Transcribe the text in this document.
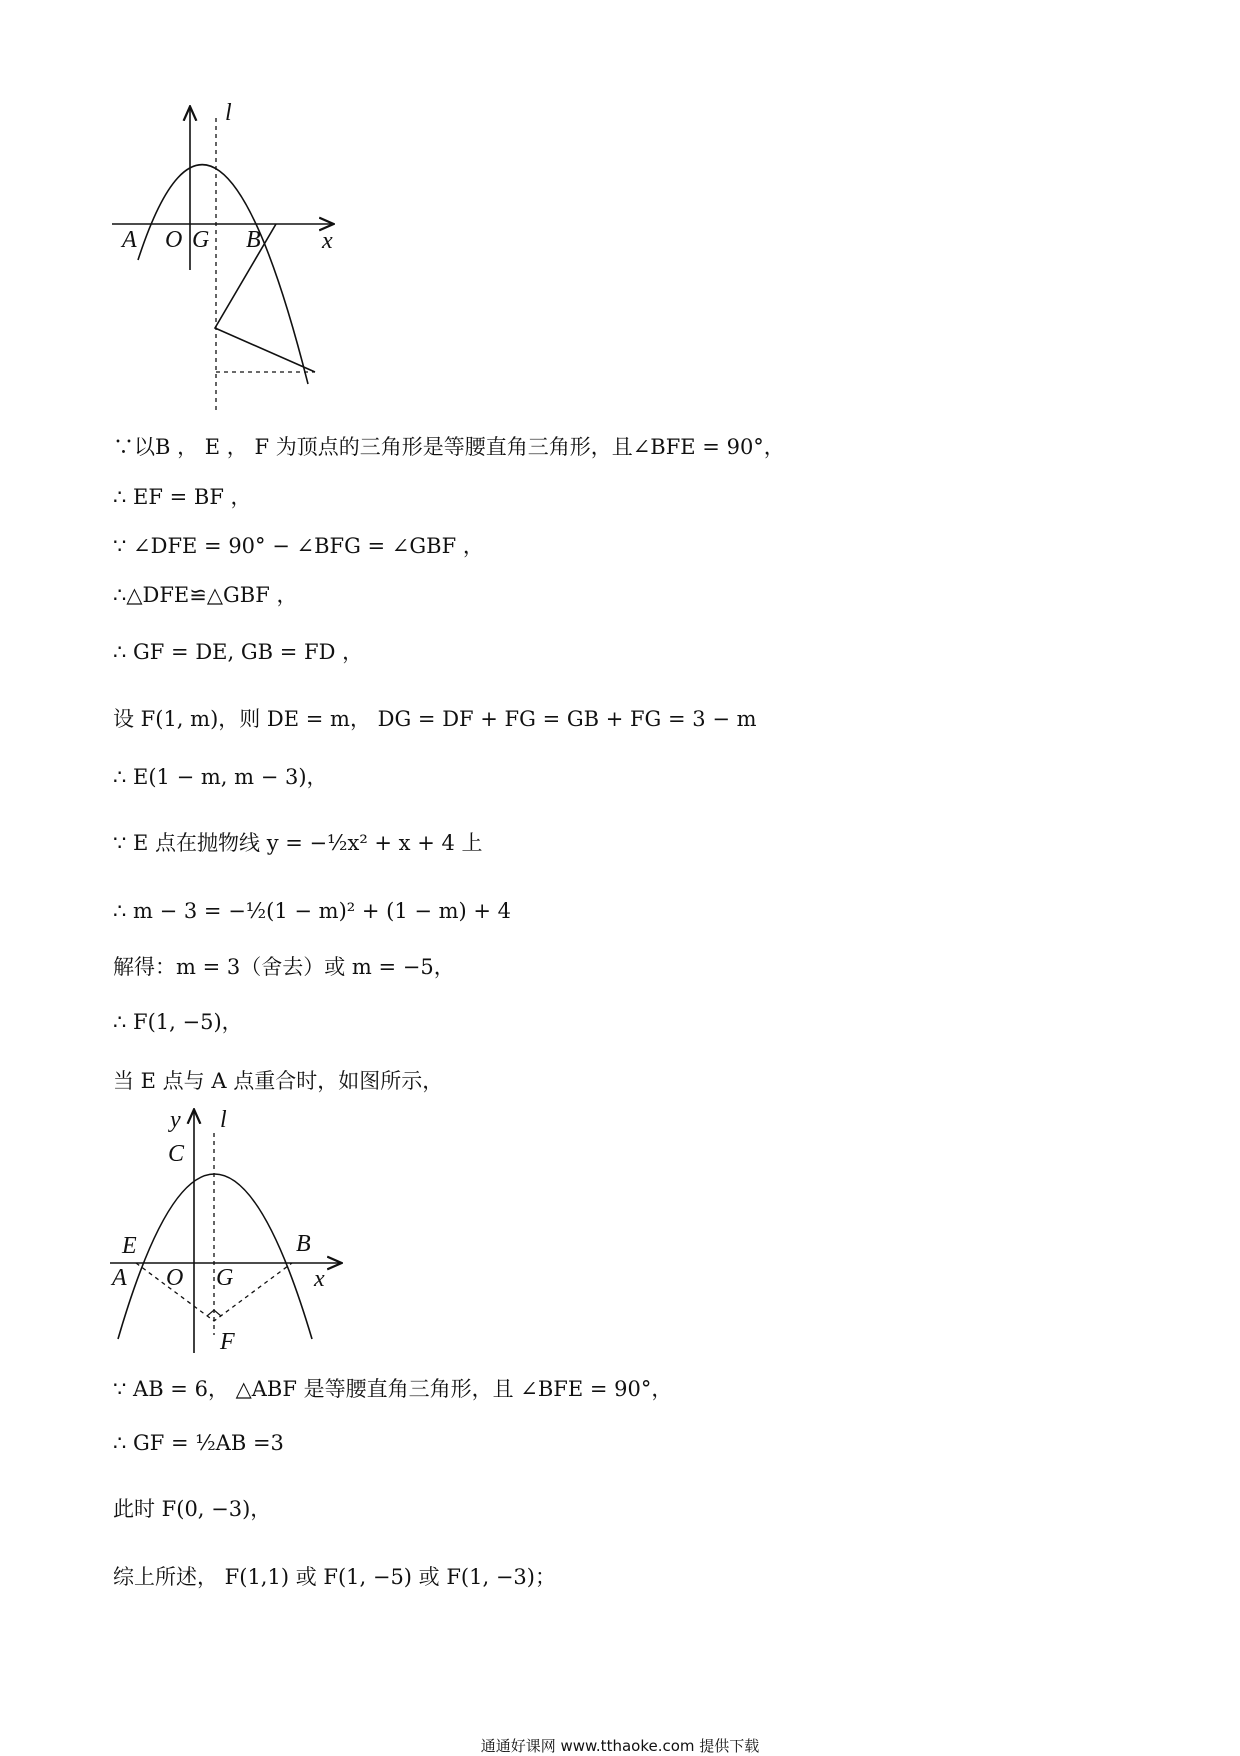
l
A O G B	x
∵以B ， E ， F 为顶点的三角形是等腰直角三角形，且∠BFE = 90°，
∴ EF = BF ，
∵ ∠DFE = 90° − ∠BFG = ∠GBF ，
∴△DFE≌△GBF ，
∴ GF = DE, GB = FD ，
设 F(1, m)，则 DE = m， DG = DF + FG = GB + FG = 3 − m
∴ E(1 − m, m − 3)，
∵ E 点在抛物线 y = −½x² + x + 4 上
∴ m − 3 = −½(1 − m)² + (1 − m) + 4
解得：m = 3（舍去）或 m = −5，
∴ F(1, −5)，
当 E 点与 A 点重合时，如图所示，
y l
C
E	B
A O G	x
F
∵ AB = 6， △ABF 是等腰直角三角形，且 ∠BFE = 90°，
∴ GF = ½AB =3
此时 F(0, −3)，
综上所述， F(1,1) 或 F(1, −5) 或 F(1, −3)；
通通好课网 www.tthaoke.com 提供下载
